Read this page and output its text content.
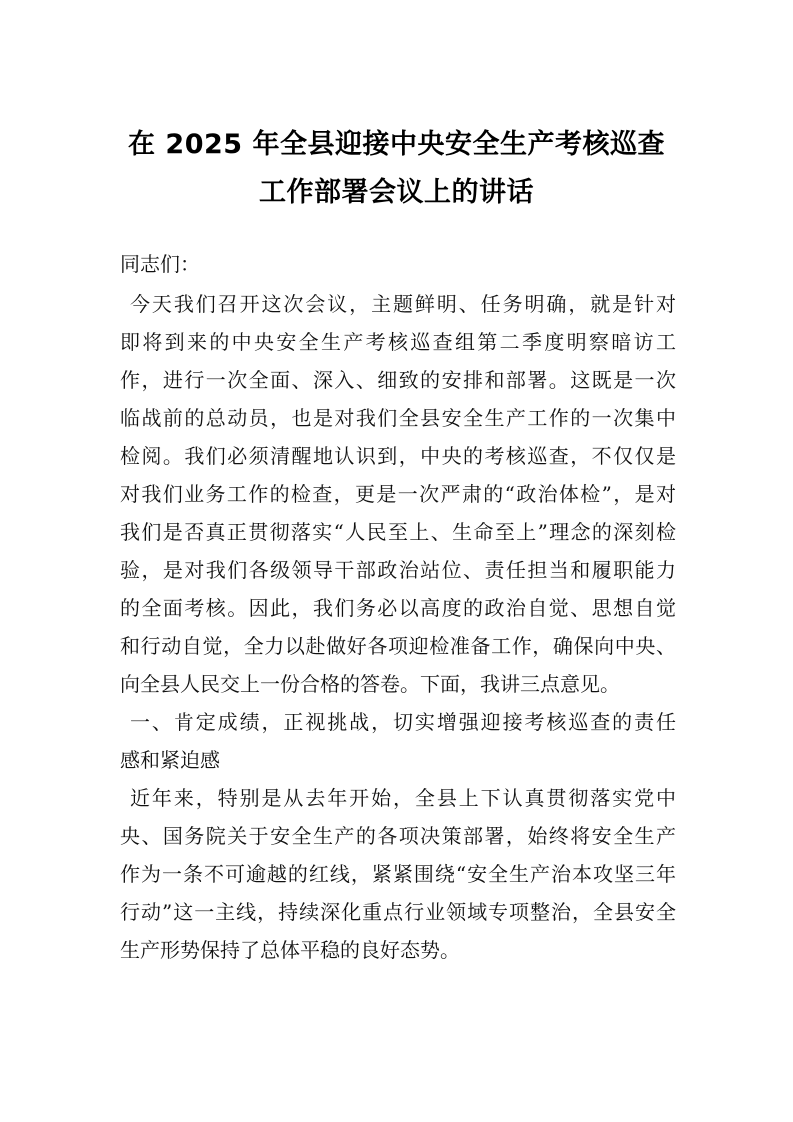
在 2025 年全县迎接中央安全生产考核巡查
工作部署会议上的讲话
同志们：
今天我们召开这次会议，主题鲜明、任务明确，就是针对
即将到来的中央安全生产考核巡查组第二季度明察暗访工
作，进行一次全面、深入、细致的安排和部署。这既是一次
临战前的总动员，也是对我们全县安全生产工作的一次集中
检阅。我们必须清醒地认识到，中央的考核巡查，不仅仅是
对我们业务工作的检查，更是一次严肃的“政治体检”，是对
我们是否真正贯彻落实“人民至上、生命至上”理念的深刻检
验，是对我们各级领导干部政治站位、责任担当和履职能力
的全面考核。因此，我们务必以高度的政治自觉、思想自觉
和行动自觉，全力以赴做好各项迎检准备工作，确保向中央、
向全县人民交上一份合格的答卷。下面，我讲三点意见。
一、肯定成绩，正视挑战，切实增强迎接考核巡查的责任
感和紧迫感
近年来，特别是从去年开始，全县上下认真贯彻落实党中
央、国务院关于安全生产的各项决策部署，始终将安全生产
作为一条不可逾越的红线，紧紧围绕“安全生产治本攻坚三年
行动”这一主线，持续深化重点行业领域专项整治，全县安全
生产形势保持了总体平稳的良好态势。
